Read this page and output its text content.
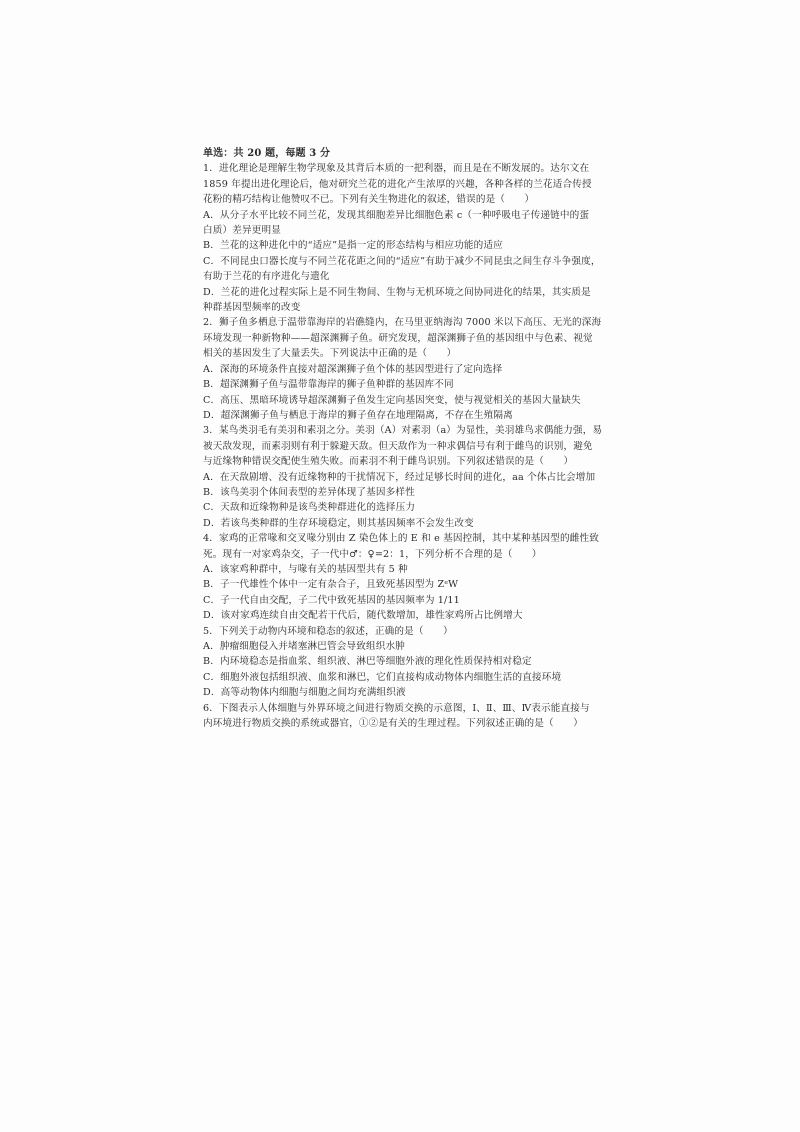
单选：共 20 题，每题 3 分
1．进化理论是理解生物学现象及其背后本质的一把利器，而且是在不断发展的。达尔文在
1859 年提出进化理论后，他对研究兰花的进化产生浓厚的兴趣，各种各样的兰花适合传授
花粉的精巧结构让他赞叹不已。下列有关生物进化的叙述，错误的是（　　）
A．从分子水平比较不同兰花，发现其细胞差异比细胞色素 c（一种呼吸电子传递链中的蛋
白质）差异更明显
B．兰花的这种进化中的“适应”是指一定的形态结构与相应功能的适应
C．不同昆虫口器长度与不同兰花花距之间的“适应”有助于减少不同昆虫之间生存斗争强度，有助于兰花的有序进化与遗化
D．兰花的进化过程实际上是不同生物间、生物与无机环境之间协同进化的结果，其实质是
种群基因型频率的改变
2．狮子鱼多栖息于温带靠海岸的岩礁缝内，在马里亚纳海沟 7000 米以下高压、无光的深海
环境发现一种新物种——超深渊狮子鱼。研究发现，超深渊狮子鱼的基因组中与色素、视觉
相关的基因发生了大量丢失。下列说法中正确的是（　　）
A．深海的环境条件直接对超深渊狮子鱼个体的基因型进行了定向选择
B．超深渊狮子鱼与温带靠海岸的狮子鱼种群的基因库不同
C．高压、黑暗环境诱导超深渊狮子鱼发生定向基因突变，使与视觉相关的基因大量缺失
D．超深渊狮子鱼与栖息于海岸的狮子鱼存在地理隔离，不存在生殖隔离
3．某鸟类羽毛有美羽和素羽之分。美羽（A）对素羽（a）为显性，美羽雄鸟求偶能力强，易
被天敌发现，而素羽则有利于躲避天敌。但天敌作为一种求偶信号有利于雌鸟的识别，避免
与近缘物种错误交配使生殖失败。而素羽不利于雌鸟识别。下列叙述错误的是（　　）
A．在天敌剧增、没有近缘物种的干扰情况下，经过足够长时间的进化，aa 个体占比会增加
B．该鸟美羽个体间表型的差异体现了基因多样性
C．天敌和近缘物种是该鸟类种群进化的选择压力
D．若该鸟类种群的生存环境稳定，则其基因频率不会发生改变
4．家鸡的正常喙和交叉喙分别由 Z 染色体上的 E 和 e 基因控制，其中某种基因型的雌性致
死。现有一对家鸡杂交，子一代中♂：♀=2：1，下列分析不合理的是（　　）
A．该家鸡种群中，与喙有关的基因型共有 5 种
B．子一代雄性个体中一定有杂合子，且致死基因型为 ZᵉW
C．子一代自由交配，子二代中致死基因的基因频率为 1/11
D．该对家鸡连续自由交配若干代后，随代数增加，雄性家鸡所占比例增大
5．下列关于动物内环境和稳态的叙述，正确的是（　　）
A．肿瘤细胞侵入并堵塞淋巴管会导致组织水肿
B．内环境稳态是指血浆、组织液、淋巴等细胞外液的理化性质保持相对稳定
C．细胞外液包括组织液、血浆和淋巴，它们直接构成动物体内细胞生活的直接环境
D．高等动物体内细胞与细胞之间均充满组织液
6．下图表示人体细胞与外界环境之间进行物质交换的示意图，Ⅰ、Ⅱ、Ⅲ、Ⅳ表示能直接与
内环境进行物质交换的系统或器官，①②是有关的生理过程。下列叙述正确的是（　　）
